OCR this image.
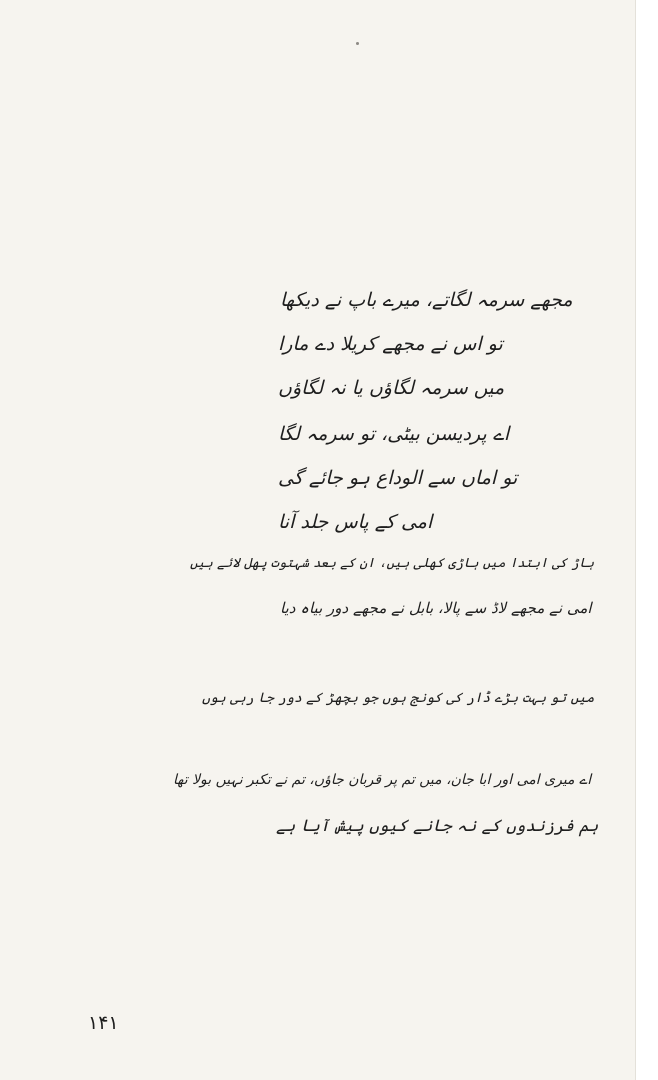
مجھے سرمہ لگاتے، میرے باپ نے دیکھا
تو اس نے مجھے کریلا دے مارا
میں سرمہ لگاؤں یا نہ لگاؤں
اے پردیسن بیٹی، تو سرمہ لگا
تو اماں سے الوداع ہو جائے گی
امی کے پاس جلد آنا
ہاڑ کی ابتدا میں ہاڑی کھلی ہیں، ان کے بعد شہتوت پھل لائے ہیں
امی نے مجھے لاڈ سے پالا، بابل نے مجھے دور بیاہ دیا
میں تو بہت بڑے ڈار کی کونج ہوں جو بچھڑ کے دور جا رہی ہوں
اے میری امی اور ابا جان، میں تم پر قربان جاؤں، تم نے تکبر نہیں بولا تھا
ہم فرزندوں کے نہ جانے کیوں پیش آیا ہے
۱۴۱
